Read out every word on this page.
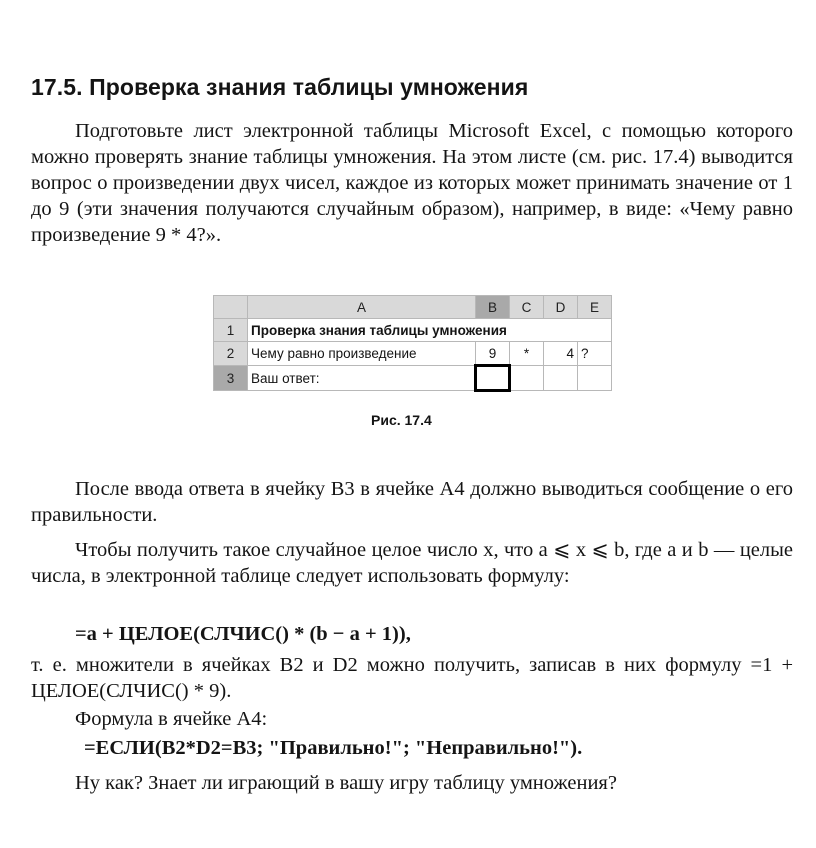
17.5. Проверка знания таблицы умножения

Подготовьте лист электронной таблицы Microsoft Excel, с помощью которого можно проверять знание таблицы умножения. На этом листе (см. рис. 17.4) выводится вопрос о произведении двух чисел, каждое из которых может принимать значение от 1 до 9 (эти значения получаются случайным образом), например, в виде: «Чему равно произведение 9 * 4?».

	A	B	C	D	E
1	Проверка знания таблицы умножения				
2	Чему равно произведение	9	*	4	?
3	Ваш ответ:				
Рис. 17.4

После ввода ответа в ячейку B3 в ячейке A4 должно выводиться сообщение о его правильности.

Чтобы получить такое случайное целое число x, что a ⩽ x ⩽ b, где a и b — целые числа, в электронной таблице следует использовать формулу:

=a + ЦЕЛОЕ(СЛЧИС() * (b − a + 1)),

т. е. множители в ячейках B2 и D2 можно получить, записав в них формулу =1 + ЦЕЛОЕ(СЛЧИС() * 9).

Формула в ячейке A4:
=ЕСЛИ(B2*D2=B3; "Правильно!"; "Неправильно!").

Ну как? Знает ли играющий в вашу игру таблицу умножения?
